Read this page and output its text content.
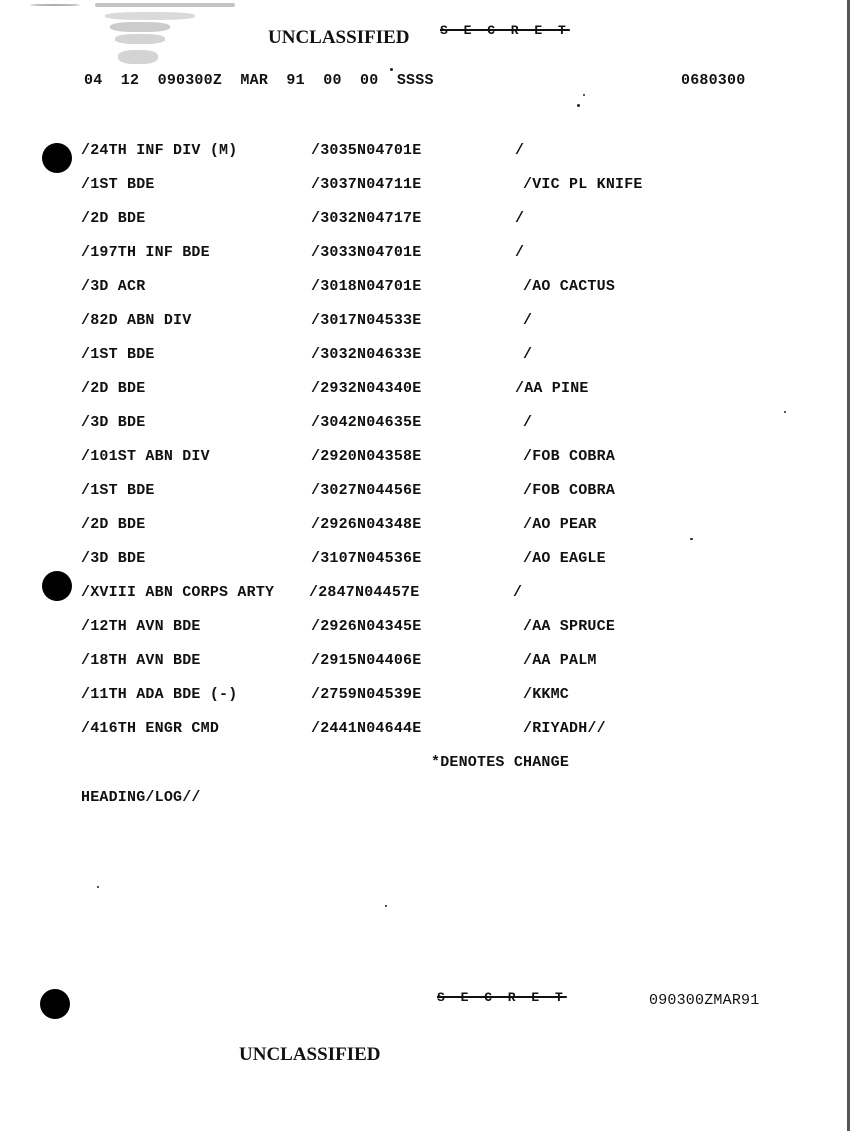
UNCLASSIFIED S E C R E T
04  12  090300Z  MAR  91  00  00  SSSS	0680300
/24TH INF DIV (M)	/3035N04701E	/
/1ST BDE	/3037N04711E	/VIC PL KNIFE
/2D BDE	/3032N04717E	/
/197TH INF BDE	/3033N04701E	/
/3D ACR	/3018N04701E	/AO CACTUS
/82D ABN DIV	/3017N04533E	/
/1ST BDE	/3032N04633E	/
/2D BDE	/2932N04340E	/AA PINE
/3D BDE	/3042N04635E	/
/101ST ABN DIV	/2920N04358E	/FOB COBRA
/1ST BDE	/3027N04456E	/FOB COBRA
/2D BDE	/2926N04348E	/AO PEAR
/3D BDE	/3107N04536E	/AO EAGLE
/XVIII ABN CORPS ARTY /2847N04457E	/
/12TH AVN BDE	/2926N04345E	/AA SPRUCE
/18TH AVN BDE	/2915N04406E	/AA PALM
/11TH ADA BDE (-)	/2759N04539E	/KKMC
/416TH ENGR CMD	/2441N04644E	/RIYADH//
*DENOTES CHANGE
HEADING/LOG//
S E C R E T	090300ZMAR91
UNCLASSIFIED
